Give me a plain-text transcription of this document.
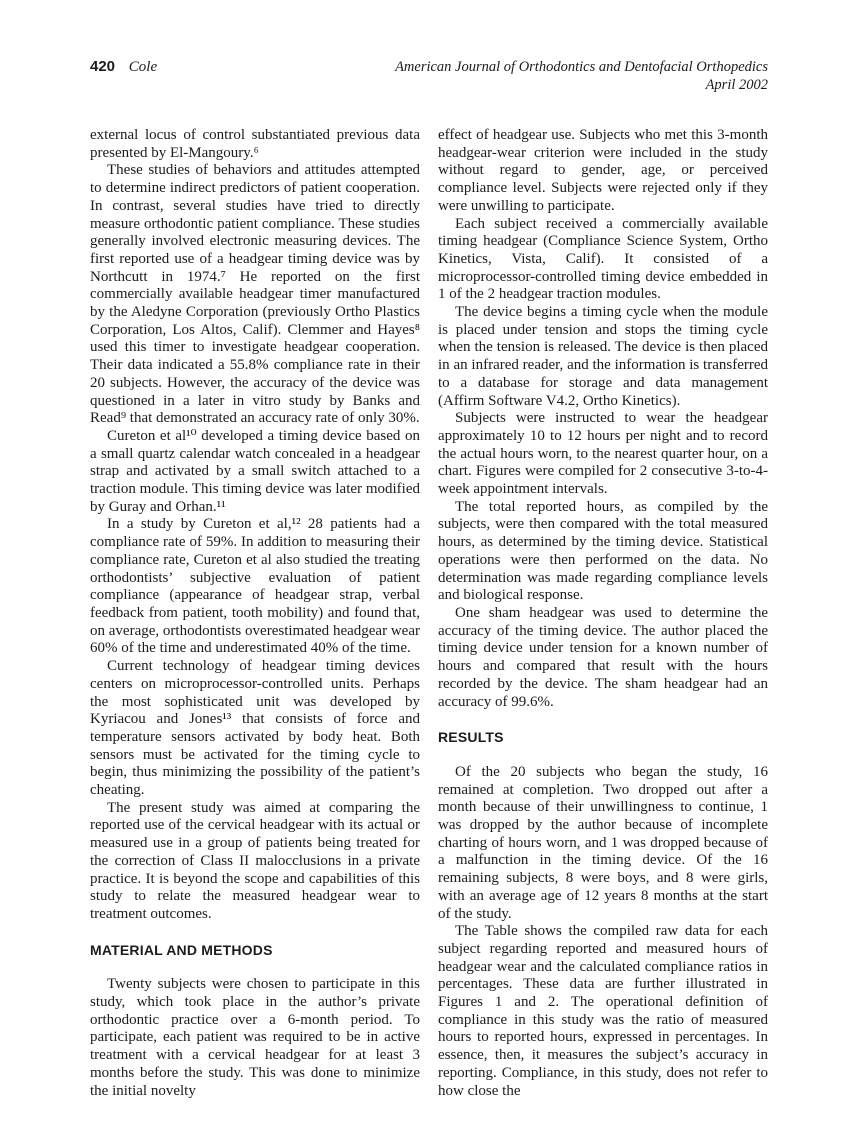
420 Cole	American Journal of Orthodontics and Dentofacial Orthopedics
April 2002

external locus of control substantiated previous data presented by El-Mangoury.⁶

These studies of behaviors and attitudes attempted to determine indirect predictors of patient cooperation. In contrast, several studies have tried to directly measure orthodontic patient compliance. These studies generally involved electronic measuring devices. The first reported use of a headgear timing device was by Northcutt in 1974.⁷ He reported on the first commercially available headgear timer manufactured by the Aledyne Corporation (previously Ortho Plastics Corporation, Los Altos, Calif). Clemmer and Hayes⁸ used this timer to investigate headgear cooperation. Their data indicated a 55.8% compliance rate in their 20 subjects. However, the accuracy of the device was questioned in a later in vitro study by Banks and Read⁹ that demonstrated an accuracy rate of only 30%.

Cureton et al¹⁰ developed a timing device based on a small quartz calendar watch concealed in a headgear strap and activated by a small switch attached to a traction module. This timing device was later modified by Guray and Orhan.¹¹

In a study by Cureton et al,¹² 28 patients had a compliance rate of 59%. In addition to measuring their compliance rate, Cureton et al also studied the treating orthodontists’ subjective evaluation of patient compliance (appearance of headgear strap, verbal feedback from patient, tooth mobility) and found that, on average, orthodontists overestimated headgear wear 60% of the time and underestimated 40% of the time.

Current technology of headgear timing devices centers on microprocessor-controlled units. Perhaps the most sophisticated unit was developed by Kyriacou and Jones¹³ that consists of force and temperature sensors activated by body heat. Both sensors must be activated for the timing cycle to begin, thus minimizing the possibility of the patient’s cheating.

The present study was aimed at comparing the reported use of the cervical headgear with its actual or measured use in a group of patients being treated for the correction of Class II malocclusions in a private practice. It is beyond the scope and capabilities of this study to relate the measured headgear wear to treatment outcomes.

MATERIAL AND METHODS

Twenty subjects were chosen to participate in this study, which took place in the author’s private orthodontic practice over a 6-month period. To participate, each patient was required to be in active treatment with a cervical headgear for at least 3 months before the study. This was done to minimize the initial novelty

effect of headgear use. Subjects who met this 3-month headgear-wear criterion were included in the study without regard to gender, age, or perceived compliance level. Subjects were rejected only if they were unwilling to participate.

Each subject received a commercially available timing headgear (Compliance Science System, Ortho Kinetics, Vista, Calif). It consisted of a microprocessor-controlled timing device embedded in 1 of the 2 headgear traction modules.

The device begins a timing cycle when the module is placed under tension and stops the timing cycle when the tension is released. The device is then placed in an infrared reader, and the information is transferred to a database for storage and data management (Affirm Software V4.2, Ortho Kinetics).

Subjects were instructed to wear the headgear approximately 10 to 12 hours per night and to record the actual hours worn, to the nearest quarter hour, on a chart. Figures were compiled for 2 consecutive 3-to-4-week appointment intervals.

The total reported hours, as compiled by the subjects, were then compared with the total measured hours, as determined by the timing device. Statistical operations were then performed on the data. No determination was made regarding compliance levels and biological response.

One sham headgear was used to determine the accuracy of the timing device. The author placed the timing device under tension for a known number of hours and compared that result with the hours recorded by the device. The sham headgear had an accuracy of 99.6%.

RESULTS

Of the 20 subjects who began the study, 16 remained at completion. Two dropped out after a month because of their unwillingness to continue, 1 was dropped by the author because of incomplete charting of hours worn, and 1 was dropped because of a malfunction in the timing device. Of the 16 remaining subjects, 8 were boys, and 8 were girls, with an average age of 12 years 8 months at the start of the study.

The Table shows the compiled raw data for each subject regarding reported and measured hours of headgear wear and the calculated compliance ratios in percentages. These data are further illustrated in Figures 1 and 2. The operational definition of compliance in this study was the ratio of measured hours to reported hours, expressed in percentages. In essence, then, it measures the subject’s accuracy in reporting. Compliance, in this study, does not refer to how close the
